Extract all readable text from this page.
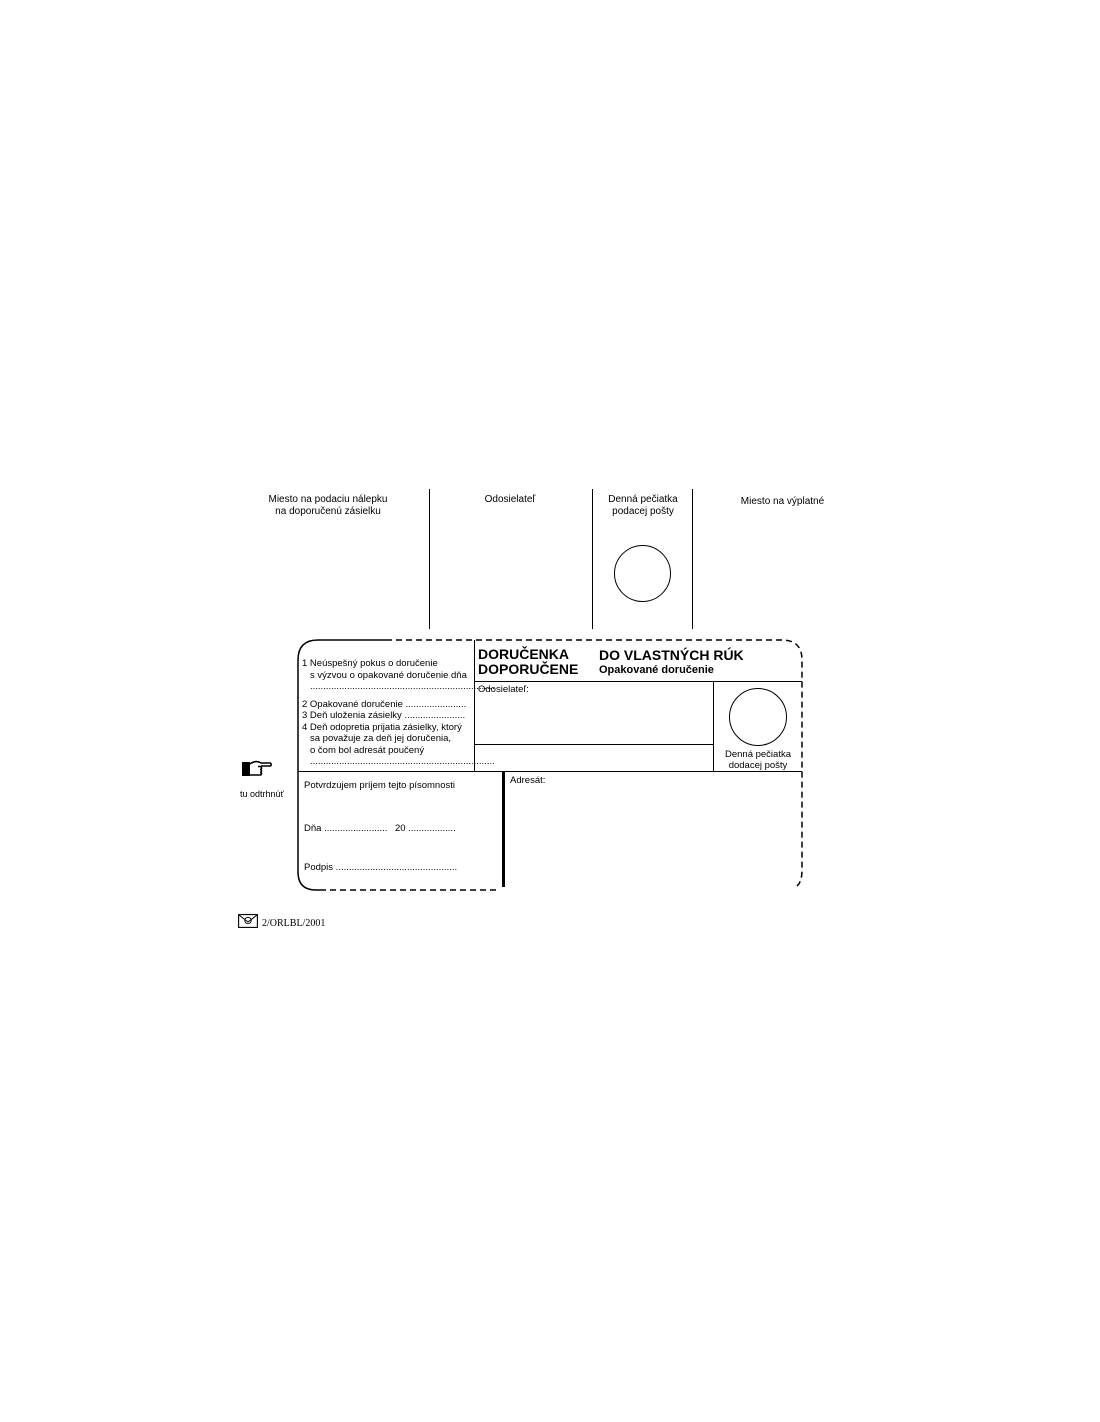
Miesto na podaciu nálepku
na doporučenú zásielku
Odosielateľ	Denná pečiatka
podacej pošty
Miesto na výplatné
tu odtrhnúť
DORUČENKA
DOPORUČENE
DO VLASTNÝCH RÚK
Opakované doručenie
1 Neúspešný pokus o doručenie
s výzvou o opakované doručenie dňa
......................................................................
2 Opakované doručenie .......................
3 Deň uloženia zásielky .......................
4 Deň odopretia prijatia zásielky, ktorý
sa považuje za deň jej doručenia,
o čom bol adresát poučený
......................................................................
Odosielateľ:
Denná pečiatka
dodacej pošty
Potvrdzujem príjem tejto písomnosti
Dňa ........................ 20 ..................
Podpis ..............................................
Adresát:
2/ORLBL/2001
